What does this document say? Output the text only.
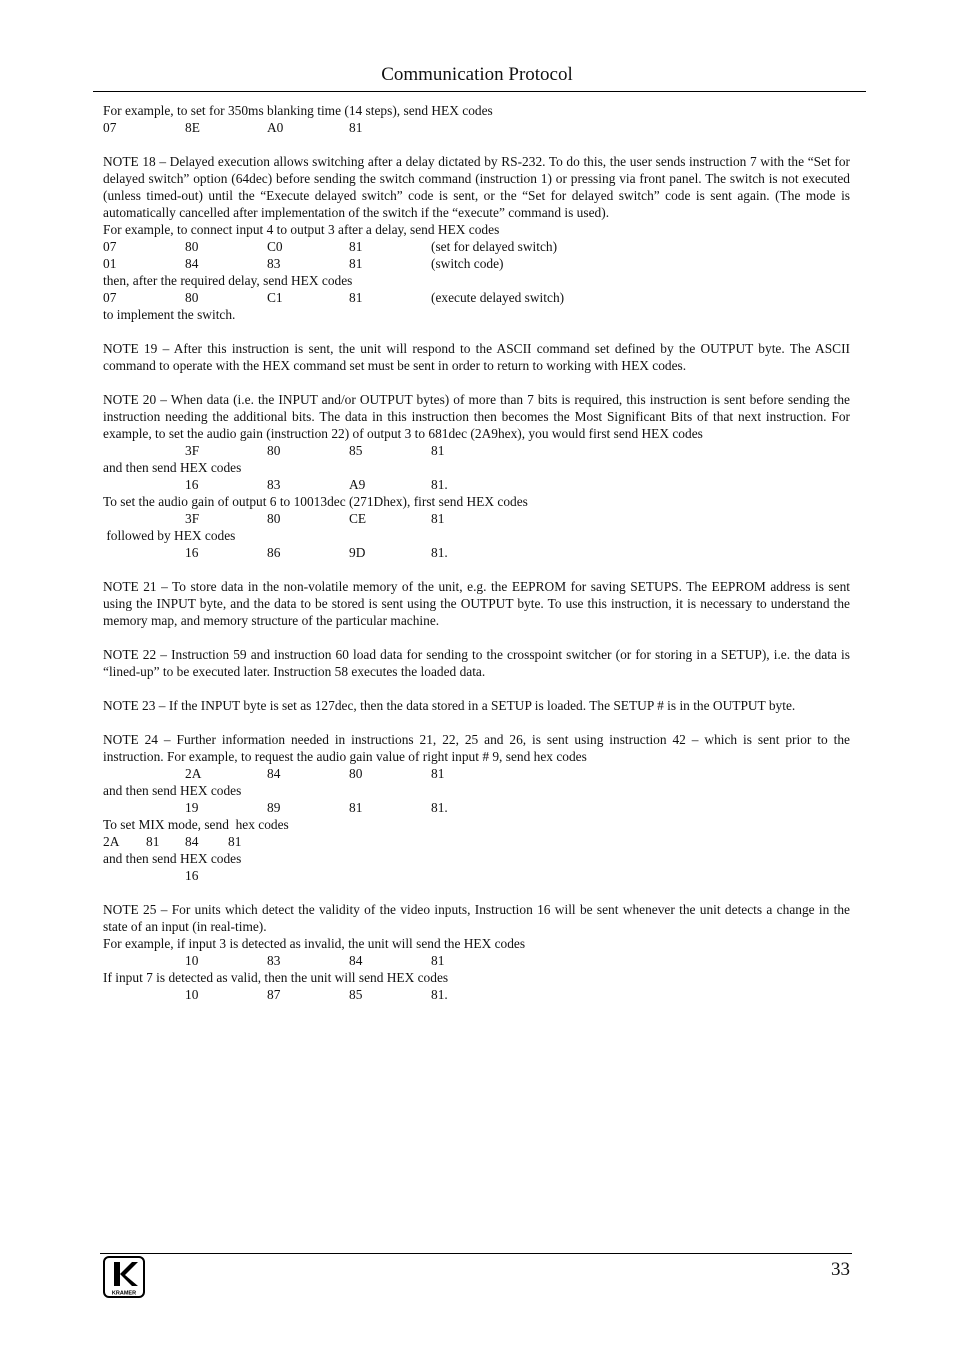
Communication Protocol

For example, to set for 350ms blanking time (14 steps), send HEX codes

07	8E	A0	81

NOTE 18 – Delayed execution allows switching after a delay dictated by RS-232. To do this, the user sends instruction 7 with the “Set for delayed switch” option (64dec) before sending the switch command (instruction 1) or pressing via front panel. The switch is not executed (unless timed-out) until the “Execute delayed switch” code is sent, or the “Set for delayed switch” code is sent again. (The mode is automatically cancelled after implementation of the switch if the “execute” command is used).

For example, to connect input 4 to output 3 after a delay, send HEX codes

07	80	C0	81	(set for delayed switch)
01	84	83	81	(switch code)

then, after the required delay, send HEX codes

07	80	C1	81	(execute delayed switch)

to implement the switch.

NOTE 19 – After this instruction is sent, the unit will respond to the ASCII command set defined by the OUTPUT byte. The ASCII command to operate with the HEX command set must be sent in order to return to working with HEX codes.

NOTE 20 – When data (i.e. the INPUT and/or OUTPUT bytes) of more than 7 bits is required, this instruction is sent before sending the instruction needing the additional bits. The data in this instruction then becomes the Most Significant Bits of that next instruction. For example, to set the audio gain (instruction 22) of output 3 to 681dec (2A9hex), you would first send HEX codes

3F	80	85	81

and then send HEX codes

16	83	A9	81.

To set the audio gain of output 6 to 10013dec (271Dhex), first send HEX codes

3F	80	CE	81

followed by HEX codes

16	86	9D	81.

NOTE 21 – To store data in the non-volatile memory of the unit, e.g. the EEPROM for saving SETUPS. The EEPROM address is sent using the INPUT byte, and the data to be stored is sent using the OUTPUT byte. To use this instruction, it is necessary to understand the memory map, and memory structure of the particular machine.

NOTE 22 – Instruction 59 and instruction 60 load data for sending to the crosspoint switcher (or for storing in a SETUP), i.e. the data is “lined-up” to be executed later. Instruction 58 executes the loaded data.

NOTE 23 – If the INPUT byte is set as 127dec, then the data stored in a SETUP is loaded. The SETUP # is in the OUTPUT byte.

NOTE 24 – Further information needed in instructions 21, 22, 25 and 26, is sent using instruction 42 – which is sent prior to the instruction. For example, to request the audio gain value of right input # 9, send hex codes

2A	84	80	81

and then send HEX codes

19	89	81	81.

To set MIX mode, send  hex codes

2A 81 84 81

and then send HEX codes

16

NOTE 25 – For units which detect the validity of the video inputs, Instruction 16 will be sent whenever the unit detects a change in the state of an input (in real-time).

For example, if input 3 is detected as invalid, the unit will send the HEX codes

10	83	84	81

If input 7 is detected as valid, then the unit will send HEX codes

10	87	85	81.
KRAMER
33
